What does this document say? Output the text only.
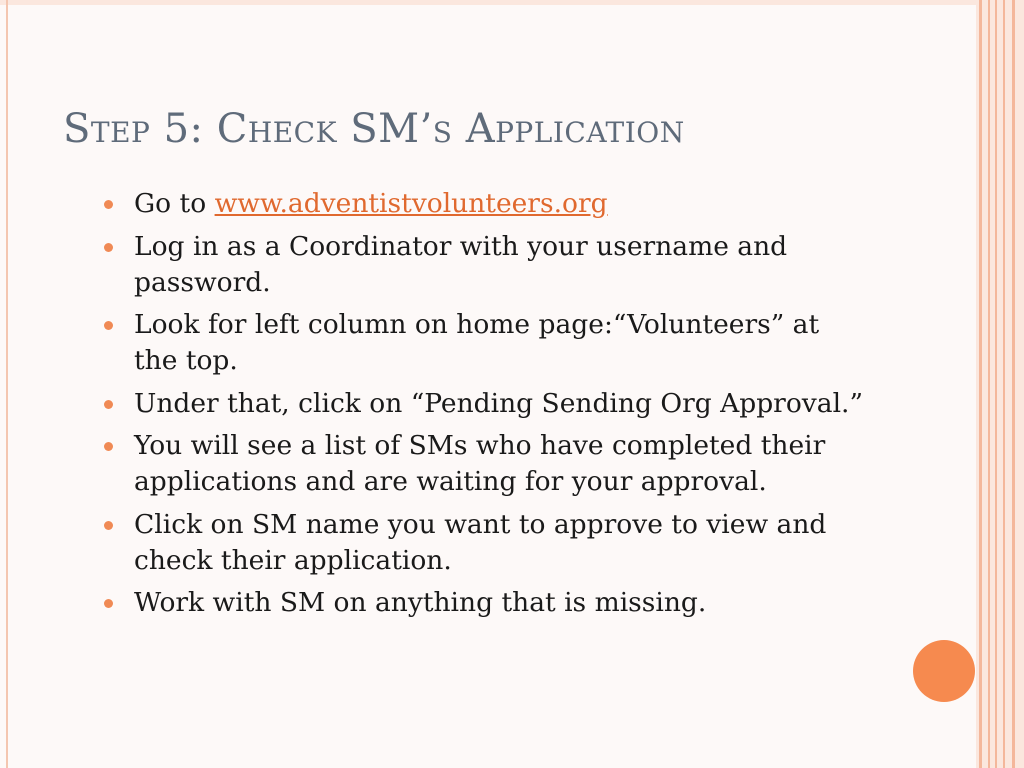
Step 5: Check SM’s Application
Go to www.adventistvolunteers.org
Log in as a Coordinator with your username and password.
Look for left column on home page:“Volunteers” at the top.
Under that, click on “Pending Sending Org Approval.”
You will see a list of SMs who have completed their applications and are waiting for your approval.
Click on SM name you want to approve to view and check their application.
Work with SM on anything that is missing.
